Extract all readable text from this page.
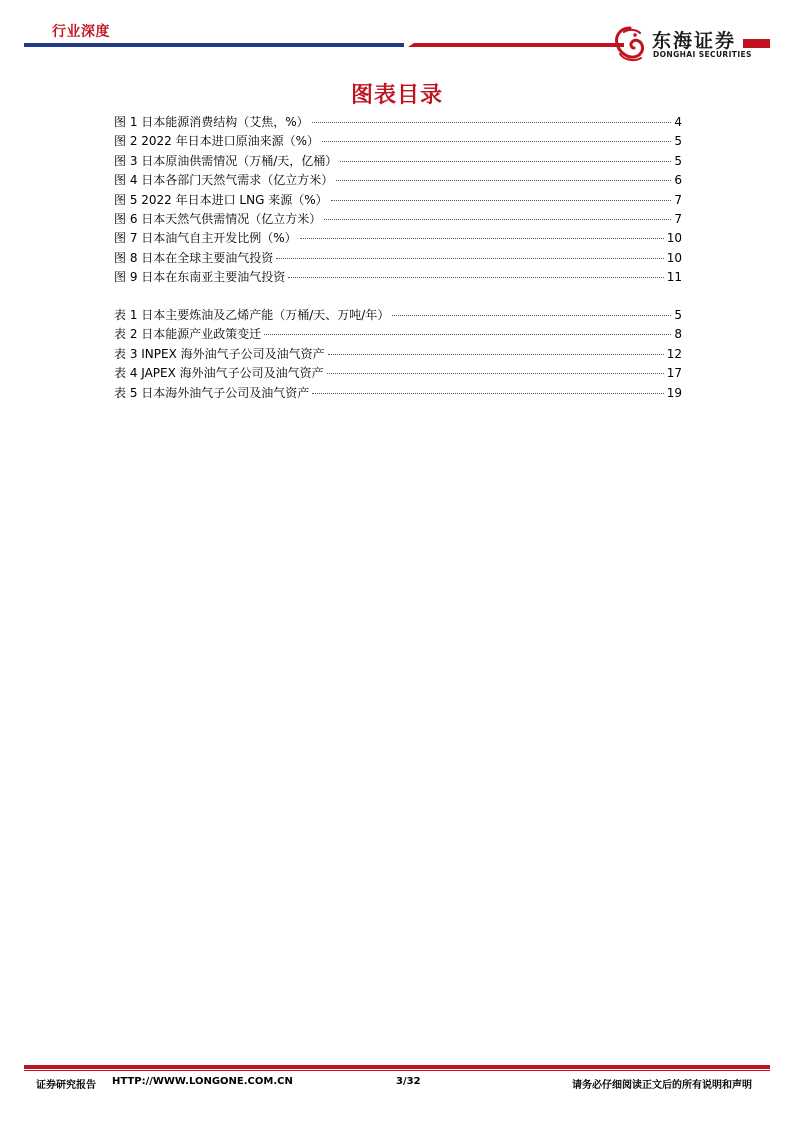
行业深度	东海证券
DONGHAI SECURITIES
图表目录
图 1 日本能源消费结构（艾焦，%）	4
图 2 2022 年日本进口原油来源（%）	5
图 3 日本原油供需情况（万桶/天，亿桶）	5
图 4 日本各部门天然气需求（亿立方米）	6
图 5 2022 年日本进口 LNG 来源（%）	7
图 6 日本天然气供需情况（亿立方米）	7
图 7 日本油气自主开发比例（%）	10
图 8 日本在全球主要油气投资	10
图 9 日本在东南亚主要油气投资	11
表 1 日本主要炼油及乙烯产能（万桶/天、万吨/年）	5
表 2 日本能源产业政策变迁	8
表 3 INPEX 海外油气子公司及油气资产	12
表 4 JAPEX 海外油气子公司及油气资产	17
表 5 日本海外油气子公司及油气资产	19
证券研究报告 HTTP://WWW.LONGONE.COM.CN	3/32	请务必仔细阅读正文后的所有说明和声明
